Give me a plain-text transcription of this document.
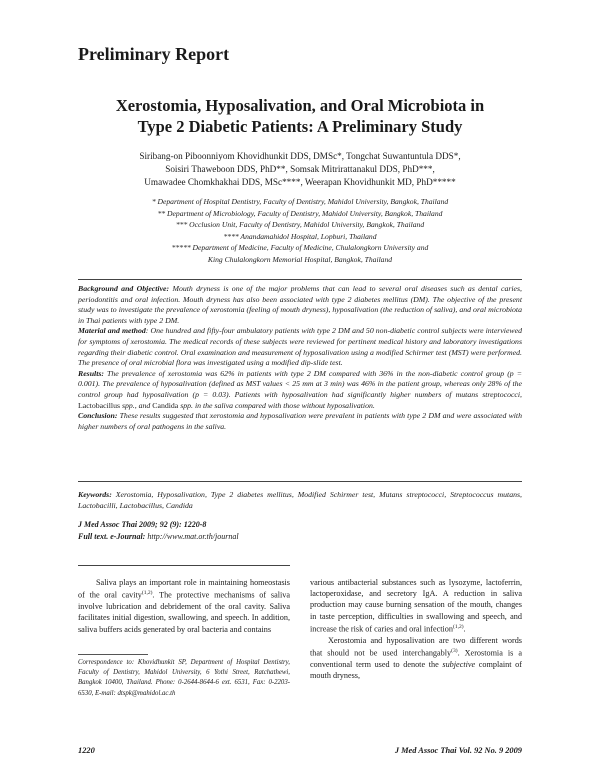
Preliminary Report
Xerostomia, Hyposalivation, and Oral Microbiota in
Type 2 Diabetic Patients: A Preliminary Study
Siribang-on Piboonniyom Khovidhunkit DDS, DMSc*, Tongchat Suwantuntula DDS*,
Soisiri Thaweboon DDS, PhD**, Somsak Mitrirattanakul DDS, PhD***,
Umawadee Chomkhakhai DDS, MSc****, Weerapan Khovidhunkit MD, PhD*****
* Department of Hospital Dentistry, Faculty of Dentistry, Mahidol University, Bangkok, Thailand
** Department of Microbiology, Faculty of Dentistry, Mahidol University, Bangkok, Thailand
*** Occlusion Unit, Faculty of Dentistry, Mahidol University, Bangkok, Thailand
**** Anandamahidol Hospital, Lopburi, Thailand
***** Department of Medicine, Faculty of Medicine, Chulalongkorn University and
King Chulalongkorn Memorial Hospital, Bangkok, Thailand

Background and Objective: Mouth dryness is one of the major problems that can lead to several oral diseases such as dental caries, periodontitis and oral infection. Mouth dryness has also been associated with type 2 diabetes mellitus (DM). The objective of the present study was to investigate the prevalence of xerostomia (feeling of mouth dryness), hyposalivation (the reduction of saliva), and oral microbiota in Thai patients with type 2 DM.

Material and method: One hundred and fifty-four ambulatory patients with type 2 DM and 50 non-diabetic control subjects were interviewed for symptoms of xerostomia. The medical records of these subjects were reviewed for pertinent medical history and laboratory investigations regarding their diabetic control. Oral examination and measurement of hyposalivation using a modified Schirmer test (MST) were performed. The presence of oral microbial flora was investigated using a modified dip-slide test.

Results: The prevalence of xerostomia was 62% in patients with type 2 DM compared with 36% in the non-diabetic control group (p = 0.001). The prevalence of hyposalivation (defined as MST values < 25 mm at 3 min) was 46% in the patient group, whereas only 28% of the control group had hyposalivation (p = 0.03). Patients with hyposalivation had significantly higher numbers of mutans streptococci, Lactobacillus spp., and Candida spp. in the saliva compared with those without hyposalivation.

Conclusion: These results suggested that xerostomia and hyposalivation were prevalent in patients with type 2 DM and were associated with higher numbers of oral pathogens in the saliva.

Keywords: Xerostomia, Hyposalivation, Type 2 diabetes mellitus, Modified Schirmer test, Mutans streptococci, Streptococcus mutans, Lactobacilli, Lactobacillus, Candida
J Med Assoc Thai 2009; 92 (9): 1220-8
Full text. e-Journal: http://www.mat.or.th/journal

Saliva plays an important role in maintaining homeostasis of the oral cavity$^{(1,2)}$. The protective mechanisms of saliva involve lubrication and debridement of the oral cavity. Saliva facilitates initial digestion, swallowing, and speech. In addition, saliva buffers acids generated by oral bacteria and contains

Correspondence to: Khovidhunkit SP, Department of Hospital Dentistry, Faculty of Dentistry, Mahidol University, 6 Yothi Street, Ratchathewi, Bangkok 10400, Thailand. Phone: 0-2644-8644-6 ext. 6531, Fax: 0-2203-6530, E-mail: dtspk@mahidol.ac.th

various antibacterial substances such as lysozyme, lactoferrin, lactoperoxidase, and secretory IgA. A reduction in saliva production may cause burning sensation of the mouth, changes in taste perception, difficulties in swallowing and speech, and increase the risk of caries and oral infection$^{(1,2)}$.

Xerostomia and hyposalivation are two different words that should not be used interchangably$^{(3)}$. Xerostomia is a conventional term used to denote the subjective complaint of mouth dryness,

1220	J Med Assoc Thai Vol. 92 No. 9 2009
